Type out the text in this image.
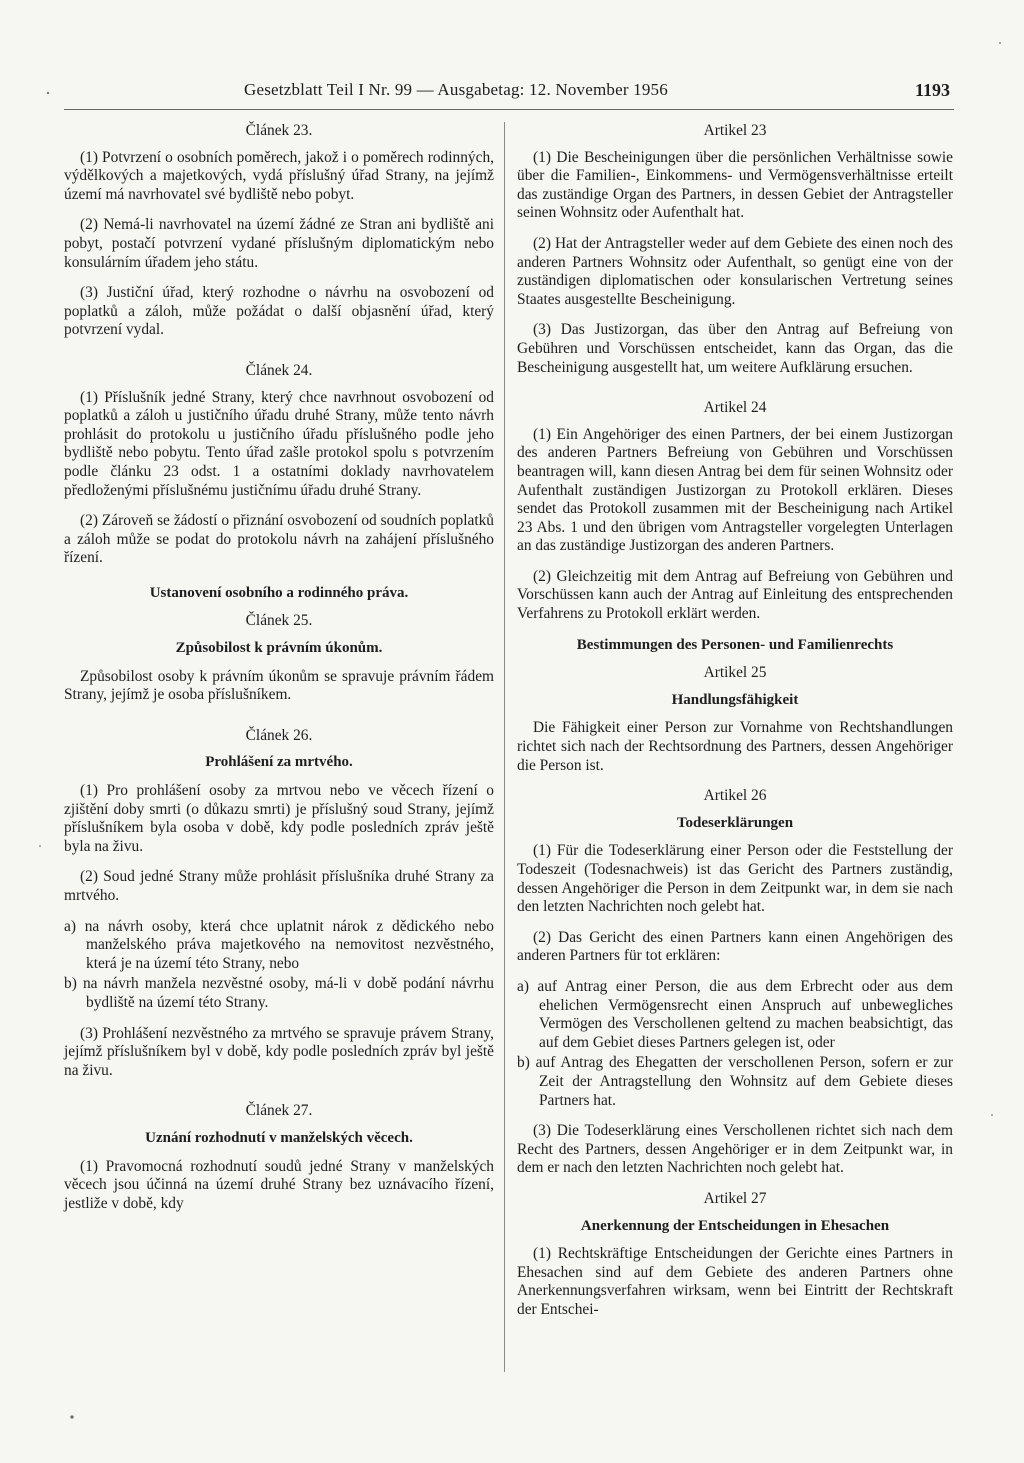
Gesetzblatt Teil I Nr. 99 — Ausgabetag: 12. November 1956	1193
Článek 23.

(1) Potvrzení o osobních poměrech, jakož i o poměrech rodinných, výdělkových a majetkových, vydá příslušný úřad Strany, na jejímž území má navrhovatel své bydliště nebo pobyt.

(2) Nemá-li navrhovatel na území žádné ze Stran ani bydliště ani pobyt, postačí potvrzení vydané příslušným diplomatickým nebo konsulárním úřadem jeho státu.

(3) Justiční úřad, který rozhodne o návrhu na osvobození od poplatků a záloh, může požádat o další objasnění úřad, který potvrzení vydal.

Článek 24.

(1) Příslušník jedné Strany, který chce navrhnout osvobození od poplatků a záloh u justičního úřadu druhé Strany, může tento návrh prohlásit do protokolu u justičního úřadu příslušného podle jeho bydliště nebo pobytu. Tento úřad zašle protokol spolu s potvrzením podle článku 23 odst. 1 a ostatními doklady navrhovatelem předloženými příslušnému justičnímu úřadu druhé Strany.

(2) Zároveň se žádostí o přiznání osvobození od soudních poplatků a záloh může se podat do protokolu návrh na zahájení příslušného řízení.

Ustanovení osobního a rodinného práva.
Článek 25.
Způsobilost k právním úkonům.

Způsobilost osoby k právním úkonům se spravuje právním řádem Strany, jejímž je osoba příslušníkem.

Článek 26.
Prohlášení za mrtvého.

(1) Pro prohlášení osoby za mrtvou nebo ve věcech řízení o zjištění doby smrti (o důkazu smrti) je příslušný soud Strany, jejímž příslušníkem byla osoba v době, kdy podle posledních zpráv ještě byla na živu.

(2) Soud jedné Strany může prohlásit příslušníka druhé Strany za mrtvého.

a) na návrh osoby, která chce uplatnit nárok z dědického nebo manželského práva majetkového na nemovitost nezvěstného, která je na území této Strany, nebo

b) na návrh manžela nezvěstné osoby, má-li v době podání návrhu bydliště na území této Strany.

(3) Prohlášení nezvěstného za mrtvého se spravuje právem Strany, jejímž příslušníkem byl v době, kdy podle posledních zpráv byl ještě na živu.

Článek 27.
Uznání rozhodnutí v manželských věcech.

(1) Pravomocná rozhodnutí soudů jedné Strany v manželských věcech jsou účinná na území druhé Strany bez uznávacího řízení, jestliže v době, kdy

Artikel 23

(1) Die Bescheinigungen über die persönlichen Verhältnisse sowie über die Familien-, Einkommens- und Vermögensverhältnisse erteilt das zuständige Organ des Partners, in dessen Gebiet der Antragsteller seinen Wohnsitz oder Aufenthalt hat.

(2) Hat der Antragsteller weder auf dem Gebiete des einen noch des anderen Partners Wohnsitz oder Aufenthalt, so genügt eine von der zuständigen diplomatischen oder konsularischen Vertretung seines Staates ausgestellte Bescheinigung.

(3) Das Justizorgan, das über den Antrag auf Befreiung von Gebühren und Vorschüssen entscheidet, kann das Organ, das die Bescheinigung ausgestellt hat, um weitere Aufklärung ersuchen.

Artikel 24

(1) Ein Angehöriger des einen Partners, der bei einem Justizorgan des anderen Partners Befreiung von Gebühren und Vorschüssen beantragen will, kann diesen Antrag bei dem für seinen Wohnsitz oder Aufenthalt zuständigen Justizorgan zu Protokoll erklären. Dieses sendet das Protokoll zusammen mit der Bescheinigung nach Artikel 23 Abs. 1 und den übrigen vom Antragsteller vorgelegten Unterlagen an das zuständige Justizorgan des anderen Partners.

(2) Gleichzeitig mit dem Antrag auf Befreiung von Gebühren und Vorschüssen kann auch der Antrag auf Einleitung des entsprechenden Verfahrens zu Protokoll erklärt werden.

Bestimmungen des Personen- und Familienrechts
Artikel 25
Handlungsfähigkeit

Die Fähigkeit einer Person zur Vornahme von Rechtshandlungen richtet sich nach der Rechtsordnung des Partners, dessen Angehöriger die Person ist.

Artikel 26
Todeserklärungen

(1) Für die Todeserklärung einer Person oder die Feststellung der Todeszeit (Todesnachweis) ist das Gericht des Partners zuständig, dessen Angehöriger die Person in dem Zeitpunkt war, in dem sie nach den letzten Nachrichten noch gelebt hat.

(2) Das Gericht des einen Partners kann einen Angehörigen des anderen Partners für tot erklären:

a) auf Antrag einer Person, die aus dem Erbrecht oder aus dem ehelichen Vermögensrecht einen Anspruch auf unbewegliches Vermögen des Verschollenen geltend zu machen beabsichtigt, das auf dem Gebiet dieses Partners gelegen ist, oder

b) auf Antrag des Ehegatten der verschollenen Person, sofern er zur Zeit der Antragstellung den Wohnsitz auf dem Gebiete dieses Partners hat.

(3) Die Todeserklärung eines Verschollenen richtet sich nach dem Recht des Partners, dessen Angehöriger er in dem Zeitpunkt war, in dem er nach den letzten Nachrichten noch gelebt hat.

Artikel 27
Anerkennung der Entscheidungen in Ehesachen

(1) Rechtskräftige Entscheidungen der Gerichte eines Partners in Ehesachen sind auf dem Gebiete des anderen Partners ohne Anerkennungsverfahren wirksam, wenn bei Eintritt der Rechtskraft der Entschei-
